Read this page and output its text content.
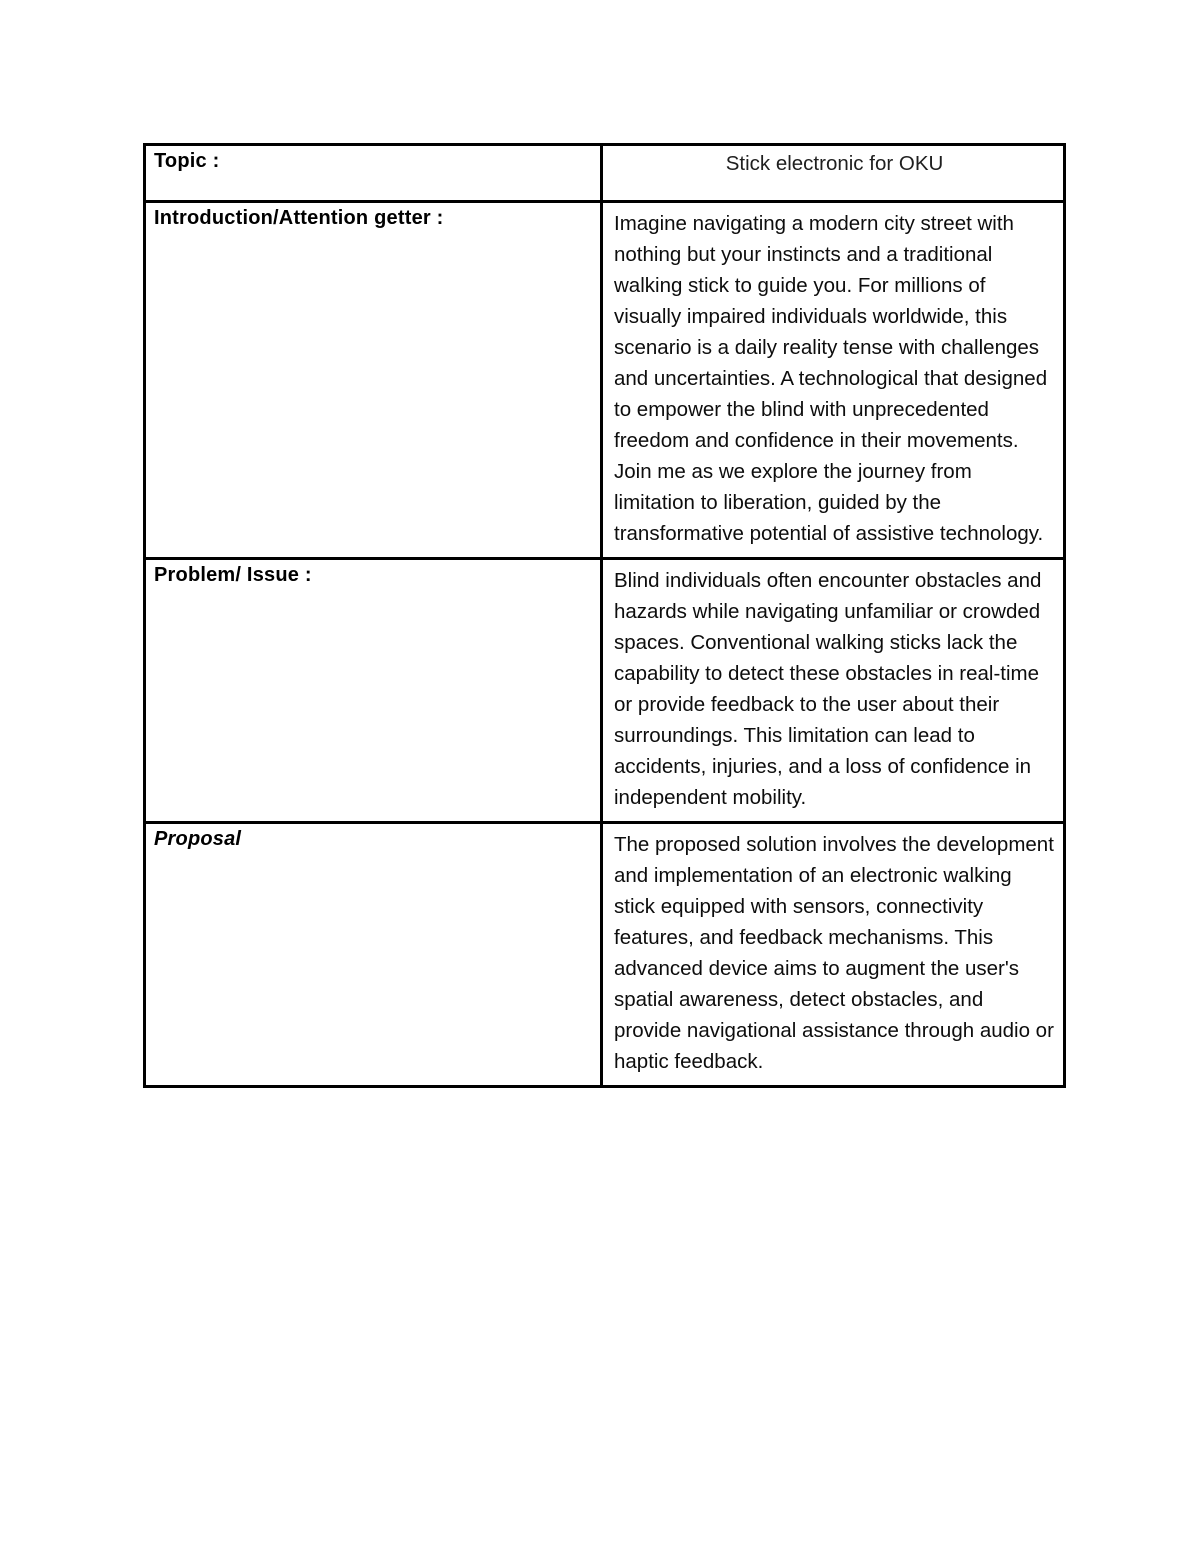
Topic :	Stick electronic for OKU
Introduction/Attention getter :	Imagine navigating a modern city street with nothing but your instincts and a traditional walking stick to guide you. For millions of visually impaired individuals worldwide, this scenario is a daily reality tense with challenges and uncertainties. A technological that designed to empower the blind with unprecedented freedom and confidence in their movements. Join me as we explore the journey from limitation to liberation, guided by the transformative potential of assistive technology.
Problem/ Issue :	Blind individuals often encounter obstacles and hazards while navigating unfamiliar or crowded spaces. Conventional walking sticks lack the capability to detect these obstacles in real-time or provide feedback to the user about their surroundings. This limitation can lead to accidents, injuries, and a loss of confidence in independent mobility.
Proposal	The proposed solution involves the development and implementation of an electronic walking stick equipped with sensors, connectivity features, and feedback mechanisms. This advanced device aims to augment the user's spatial awareness, detect obstacles, and provide navigational assistance through audio or haptic feedback.
